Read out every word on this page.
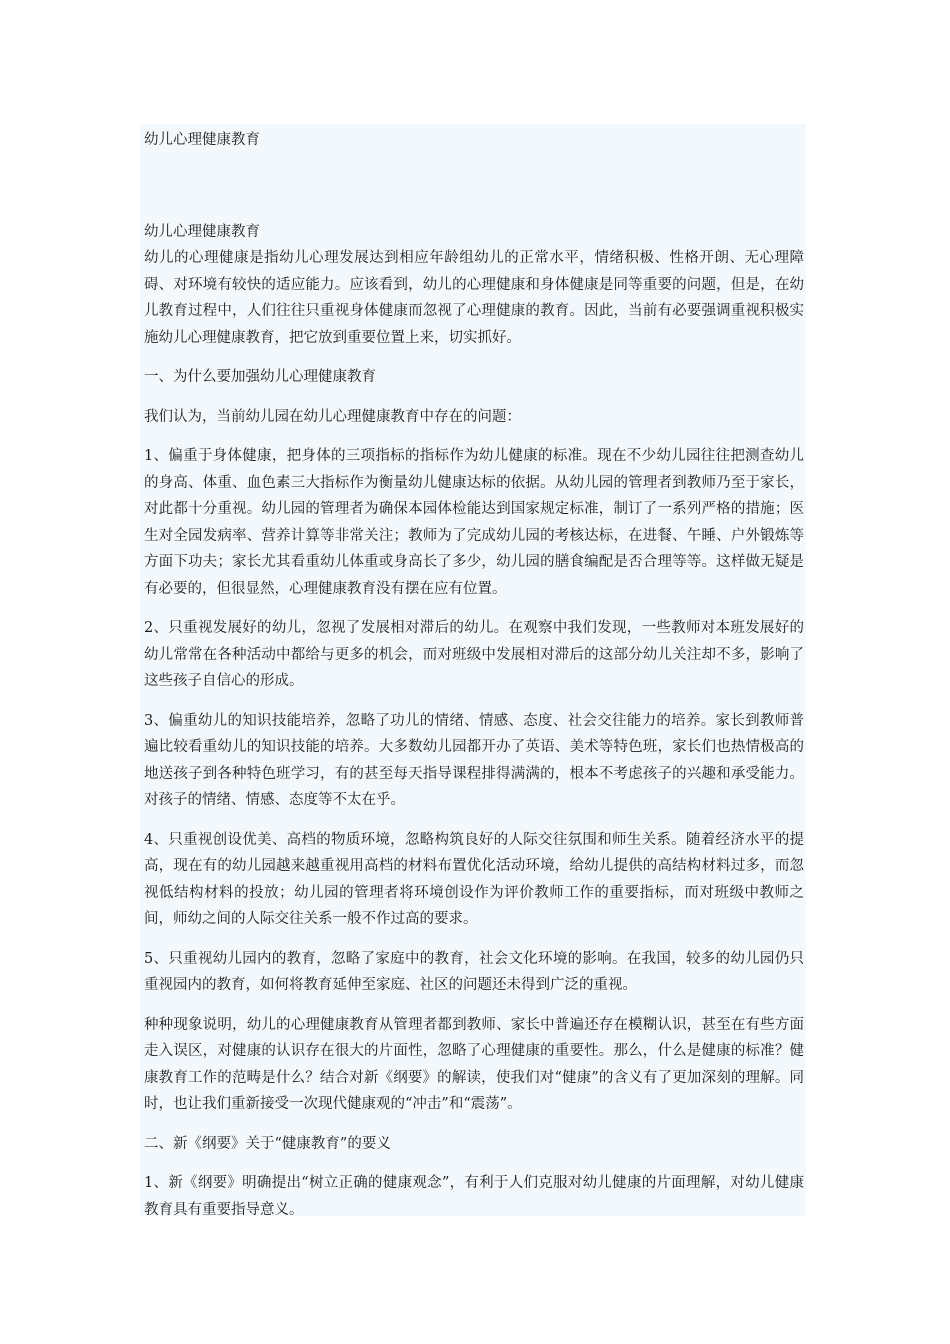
幼儿心理健康教育
幼儿心理健康教育

幼儿的心理健康是指幼儿心理发展达到相应年龄组幼儿的正常水平，情绪积极、性格开朗、无心理障碍、对环境有较快的适应能力。应该看到，幼儿的心理健康和身体健康是同等重要的问题，但是，在幼儿教育过程中，人们往往只重视身体健康而忽视了心理健康的教育。因此，当前有必要强调重视积极实施幼儿心理健康教育，把它放到重要位置上来，切实抓好。

一、为什么要加强幼儿心理健康教育

我们认为，当前幼儿园在幼儿心理健康教育中存在的问题：

1、偏重于身体健康，把身体的三项指标的指标作为幼儿健康的标准。现在不少幼儿园往往把测查幼儿的身高、体重、血色素三大指标作为衡量幼儿健康达标的依据。从幼儿园的管理者到教师乃至于家长，对此都十分重视。幼儿园的管理者为确保本园体检能达到国家规定标准，制订了一系列严格的措施；医生对全园发病率、营养计算等非常关注；教师为了完成幼儿园的考核达标，在进餐、午睡、户外锻炼等方面下功夫；家长尤其看重幼儿体重或身高长了多少，幼儿园的膳食编配是否合理等等。这样做无疑是有必要的，但很显然，心理健康教育没有摆在应有位置。

2、只重视发展好的幼儿，忽视了发展相对滞后的幼儿。在观察中我们发现，一些教师对本班发展好的幼儿常常在各种活动中都给与更多的机会，而对班级中发展相对滞后的这部分幼儿关注却不多，影响了这些孩子自信心的形成。

3、偏重幼儿的知识技能培养，忽略了功儿的情绪、情感、态度、社会交往能力的培养。家长到教师普遍比较看重幼儿的知识技能的培养。大多数幼儿园都开办了英语、美术等特色班，家长们也热情极高的地送孩子到各种特色班学习，有的甚至每天指导课程排得满满的，根本不考虑孩子的兴趣和承受能力。对孩子的情绪、情感、态度等不太在乎。

4、只重视创设优美、高档的物质环境，忽略构筑良好的人际交往氛围和师生关系。随着经济水平的提高，现在有的幼儿园越来越重视用高档的材料布置优化活动环境，给幼儿提供的高结构材料过多，而忽视低结构材料的投放；幼儿园的管理者将环境创设作为评价教师工作的重要指标，而对班级中教师之间，师幼之间的人际交往关系一般不作过高的要求。

5、只重视幼儿园内的教育，忽略了家庭中的教育，社会文化环境的影响。在我国，较多的幼儿园仍只重视园内的教育，如何将教育延伸至家庭、社区的问题还未得到广泛的重视。

种种现象说明，幼儿的心理健康教育从管理者都到教师、家长中普遍还存在模糊认识，甚至在有些方面走入误区，对健康的认识存在很大的片面性，忽略了心理健康的重要性。那么，什么是健康的标准？健康教育工作的范畴是什么？结合对新《纲要》的解读，使我们对“健康”的含义有了更加深刻的理解。同时，也让我们重新接受一次现代健康观的“冲击”和“震荡”。

二、新《纲要》关于“健康教育”的要义

1、新《纲要》明确提出“树立正确的健康观念”，有利于人们克服对幼儿健康的片面理解，对幼儿健康教育具有重要指导意义。
